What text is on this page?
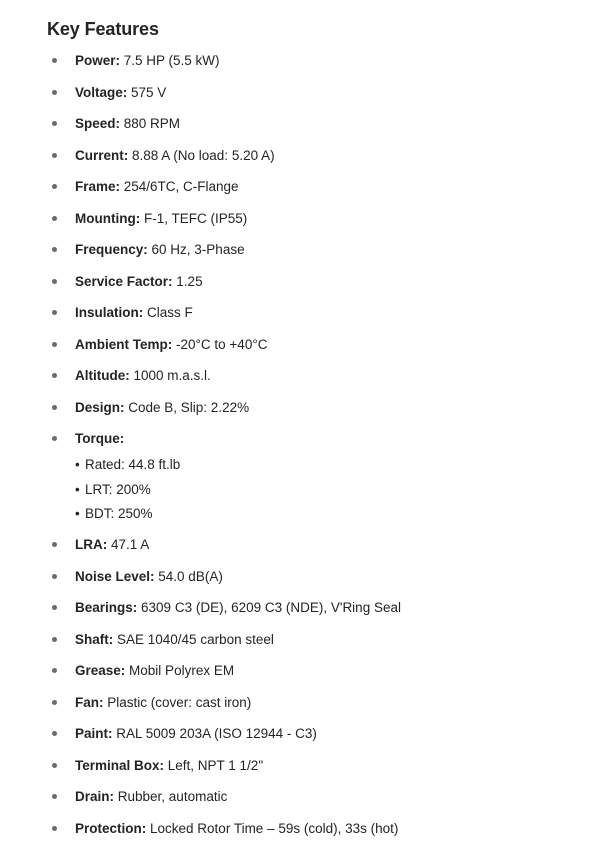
Key Features
Power: 7.5 HP (5.5 kW)
Voltage: 575 V
Speed: 880 RPM
Current: 8.88 A (No load: 5.20 A)
Frame: 254/6TC, C-Flange
Mounting: F-1, TEFC (IP55)
Frequency: 60 Hz, 3-Phase
Service Factor: 1.25
Insulation: Class F
Ambient Temp: -20°C to +40°C
Altitude: 1000 m.a.s.l.
Design: Code B, Slip: 2.22%
Torque:
• Rated: 44.8 ft.lb
• LRT: 200%
• BDT: 250%
LRA: 47.1 A
Noise Level: 54.0 dB(A)
Bearings: 6309 C3 (DE), 6209 C3 (NDE), V'Ring Seal
Shaft: SAE 1040/45 carbon steel
Grease: Mobil Polyrex EM
Fan: Plastic (cover: cast iron)
Paint: RAL 5009 203A (ISO 12944 - C3)
Terminal Box: Left, NPT 1 1/2"
Drain: Rubber, automatic
Protection: Locked Rotor Time – 59s (cold), 33s (hot)
